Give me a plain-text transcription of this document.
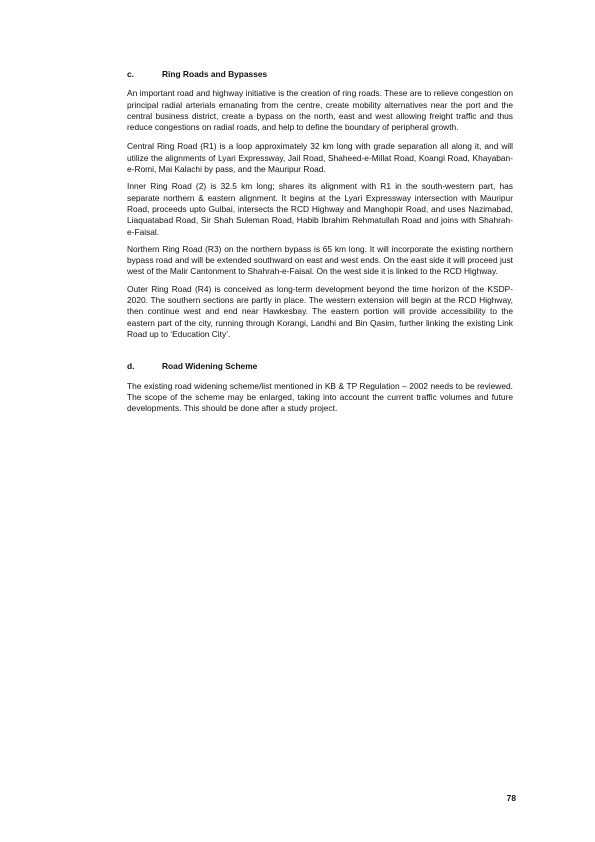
c.	Ring Roads and Bypasses

An important road and highway initiative is the creation of ring roads. These are to relieve congestion on principal radial arterials emanating from the centre, create mobility alternatives near the port and the central business district, create a bypass on the north, east and west allowing freight traffic and thus reduce congestions on radial roads, and help to define the boundary of peripheral growth.

Central Ring Road (R1) is a loop approximately 32 km long with grade separation all along it, and will utilize the alignments of Lyari Expressway, Jail Road, Shaheed-e-Millat Road, Koangi Road, Khayaban-e-Romi, Mai Kalachi by pass, and the Mauripur Road.

Inner Ring Road (2) is 32.5 km long; shares its alignment with R1 in the south-western part, has separate northern & eastern alignment. It begins at the Lyari Expressway intersection with Mauripur Road, proceeds upto Gulbai, intersects the RCD Highway and Manghopir Road, and uses Nazimabad, Liaquatabad Road, Sir Shah Suleman Road, Habib Ibrahim Rehmatullah Road and joins with Shahrah-e-Faisal.

Northern Ring Road (R3) on the northern bypass is 65 km long. It will incorporate the existing northern bypass road and will be extended southward on east and west ends. On the east side it will proceed just west of the Malir Cantonment to Shahrah-e-Faisal. On the west side it is linked to the RCD Highway.

Outer Ring Road (R4) is conceived as long-term development beyond the time horizon of the KSDP-2020. The southern sections are partly in place. The western extension will begin at the RCD Highway, then continue west and end near Hawkesbay. The eastern portion will provide accessibility to the eastern part of the city, running through Korangi, Landhi and Bin Qasim, further linking the existing Link Road up to ‘Education City’.

d.	Road Widening Scheme

The existing road widening scheme/list mentioned in KB & TP Regulation – 2002 needs to be reviewed. The scope of the scheme may be enlarged, taking into account the current traffic volumes and future developments. This should be done after a study project.

78
